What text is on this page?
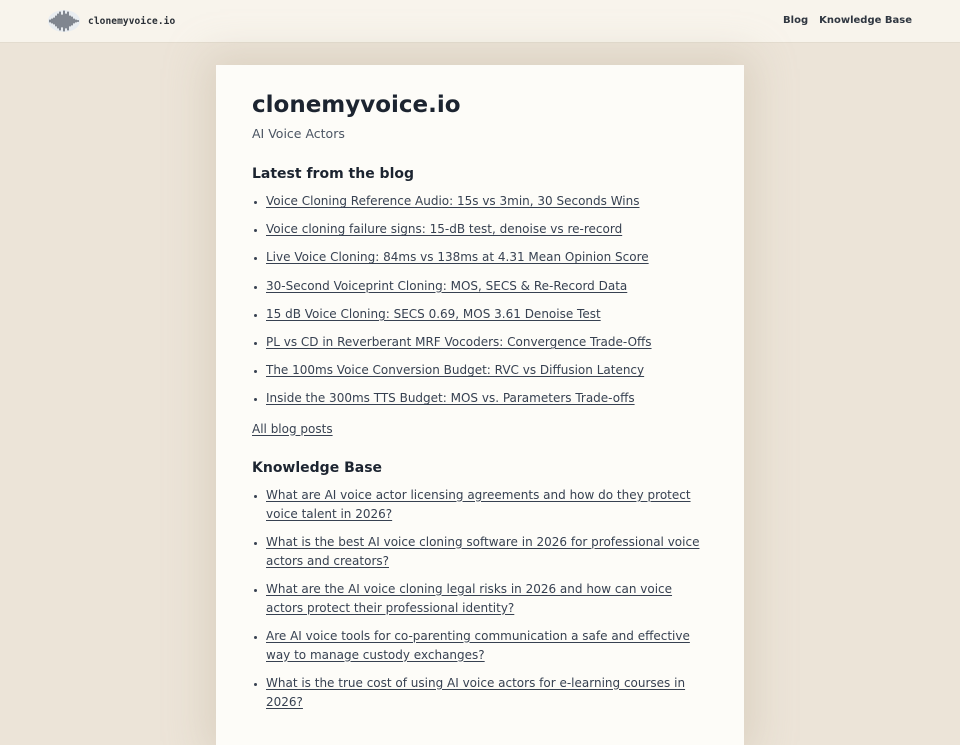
clonemyvoice.io	Blog Knowledge Base
clonemyvoice.io

AI Voice Actors

Latest from the blog
• Voice Cloning Reference Audio: 15s vs 3min, 30 Seconds Wins
• Voice cloning failure signs: 15-dB test, denoise vs re-record
• Live Voice Cloning: 84ms vs 138ms at 4.31 Mean Opinion Score
• 30-Second Voiceprint Cloning: MOS, SECS & Re-Record Data
• 15 dB Voice Cloning: SECS 0.69, MOS 3.61 Denoise Test
• PL vs CD in Reverberant MRF Vocoders: Convergence Trade-Offs
• The 100ms Voice Conversion Budget: RVC vs Diffusion Latency
• Inside the 300ms TTS Budget: MOS vs. Parameters Trade-offs
All blog posts
Knowledge Base
• What are AI voice actor licensing agreements and how do they protect voice talent in 2026?
• What is the best AI voice cloning software in 2026 for professional voice actors and creators?
• What are the AI voice cloning legal risks in 2026 and how can voice actors protect their professional identity?
• Are AI voice tools for co-parenting communication a safe and effective way to manage custody exchanges?
• What is the true cost of using AI voice actors for e-learning courses in 2026?
